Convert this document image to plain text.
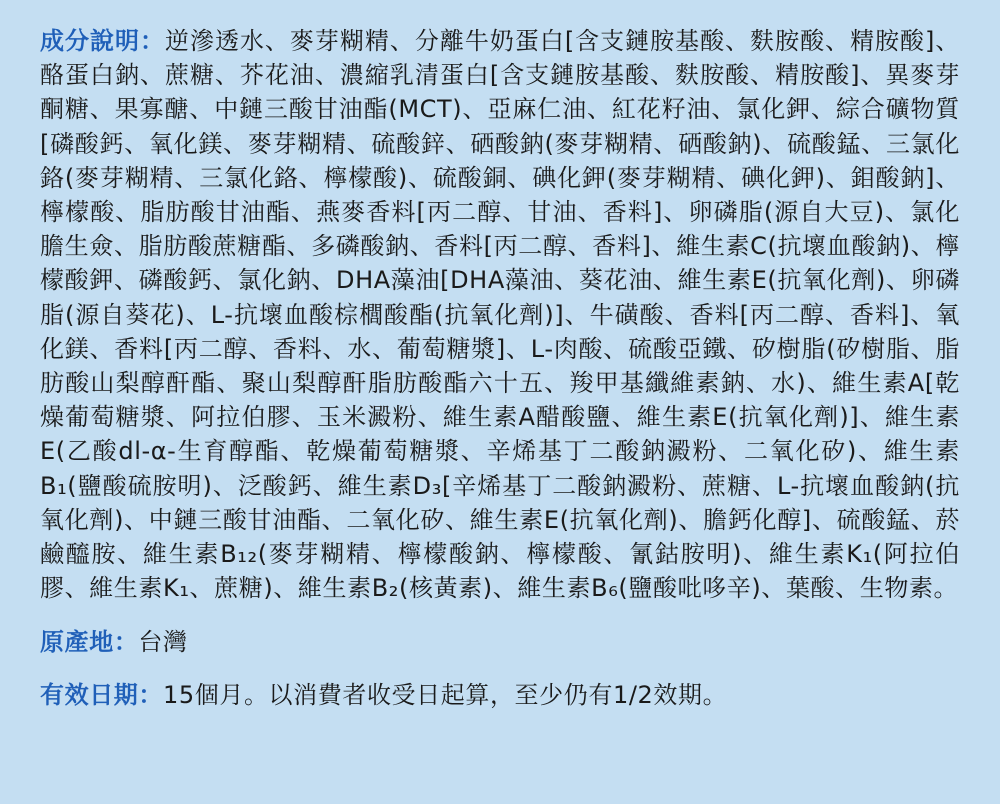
成分說明：逆滲透水、麥芽糊精、分離牛奶蛋白[含支鏈胺基酸、麩胺酸、精胺酸]、酪蛋白鈉、蔗糖、芥花油、濃縮乳清蛋白[含支鏈胺基酸、麩胺酸、精胺酸]、異麥芽酮糖、果寡醣、中鏈三酸甘油酯(MCT)、亞麻仁油、紅花籽油、氯化鉀、綜合礦物質[磷酸鈣、氧化鎂、麥芽糊精、硫酸鋅、硒酸鈉(麥芽糊精、硒酸鈉)、硫酸錳、三氯化鉻(麥芽糊精、三氯化鉻、檸檬酸)、硫酸銅、碘化鉀(麥芽糊精、碘化鉀)、鉬酸鈉]、檸檬酸、脂肪酸甘油酯、燕麥香料[丙二醇、甘油、香料]、卵磷脂(源自大豆)、氯化膽生僉、脂肪酸蔗糖酯、多磷酸鈉、香料[丙二醇、香料]、維生素C(抗壞血酸鈉)、檸檬酸鉀、磷酸鈣、氯化鈉、DHA藻油[DHA藻油、葵花油、維生素E(抗氧化劑)、卵磷脂(源自葵花)、L-抗壞血酸棕櫚酸酯(抗氧化劑)]、牛磺酸、香料[丙二醇、香料]、氧化鎂、香料[丙二醇、香料、水、葡萄糖漿]、L-肉酸、硫酸亞鐵、矽樹脂(矽樹脂、脂肪酸山梨醇酐酯、聚山梨醇酐脂肪酸酯六十五、羧甲基纖維素鈉、水)、維生素A[乾燥葡萄糖漿、阿拉伯膠、玉米澱粉、維生素A醋酸鹽、維生素E(抗氧化劑)]、維生素E(乙酸dl-α-生育醇酯、乾燥葡萄糖漿、辛烯基丁二酸鈉澱粉、二氧化矽)、維生素B₁(鹽酸硫胺明)、泛酸鈣、維生素D₃[辛烯基丁二酸鈉澱粉、蔗糖、L-抗壞血酸鈉(抗氧化劑)、中鏈三酸甘油酯、二氧化矽、維生素E(抗氧化劑)、膽鈣化醇]、硫酸錳、菸鹼醯胺、維生素B₁₂(麥芽糊精、檸檬酸鈉、檸檬酸、氰鈷胺明)、維生素K₁(阿拉伯膠、維生素K₁、蔗糖)、維生素B₂(核黃素)、維生素B₆(鹽酸吡哆辛)、葉酸、生物素。

原產地：台灣

有效日期：15個月。以消費者收受日起算，至少仍有1/2效期。
